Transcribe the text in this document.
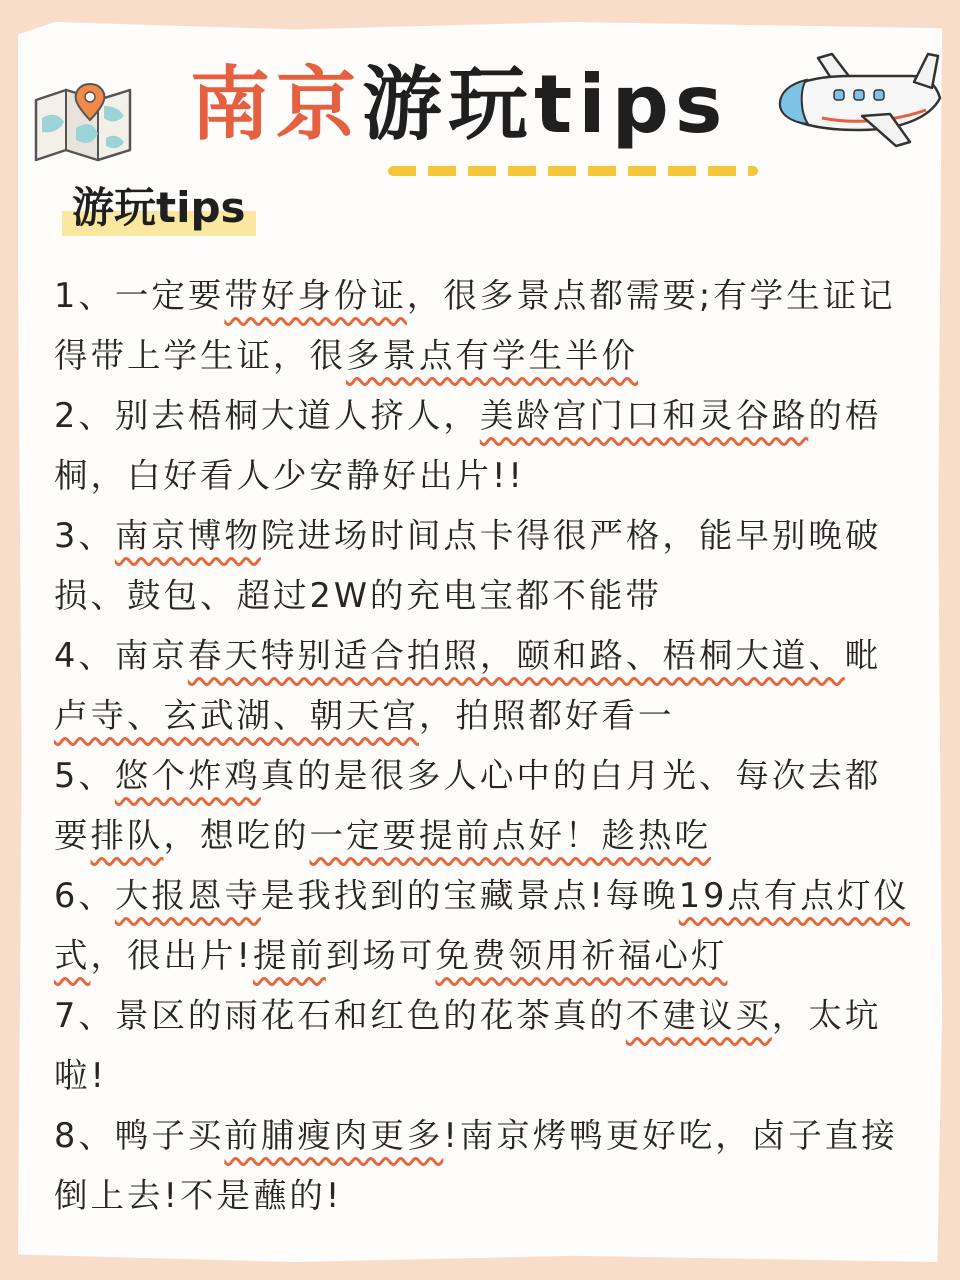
南京游玩tips
游玩tips

1、一定要带好身份证，很多景点都需要;有学生证记得带上学生证，很多景点有学生半价

2、别去梧桐大道人挤人，美龄宫门口和灵谷路的梧桐，白好看人少安静好出片!!

3、南京博物院进场时间点卡得很严格，能早别晚破损、鼓包、超过2W的充电宝都不能带

4、南京春天特别适合拍照，颐和路、梧桐大道、毗卢寺、玄武湖、朝天宫，拍照都好看一

5、悠个炸鸡真的是很多人心中的白月光、每次去都要排队，想吃的一定要提前点好！趁热吃

6、大报恩寺是我找到的宝藏景点!每晚19点有点灯仪式，很出片!提前到场可免费领用祈福心灯

7、景区的雨花石和红色的花茶真的不建议买，太坑啦!

8、鸭子买前脯瘦肉更多!南京烤鸭更好吃，卤子直接倒上去!不是蘸的!
